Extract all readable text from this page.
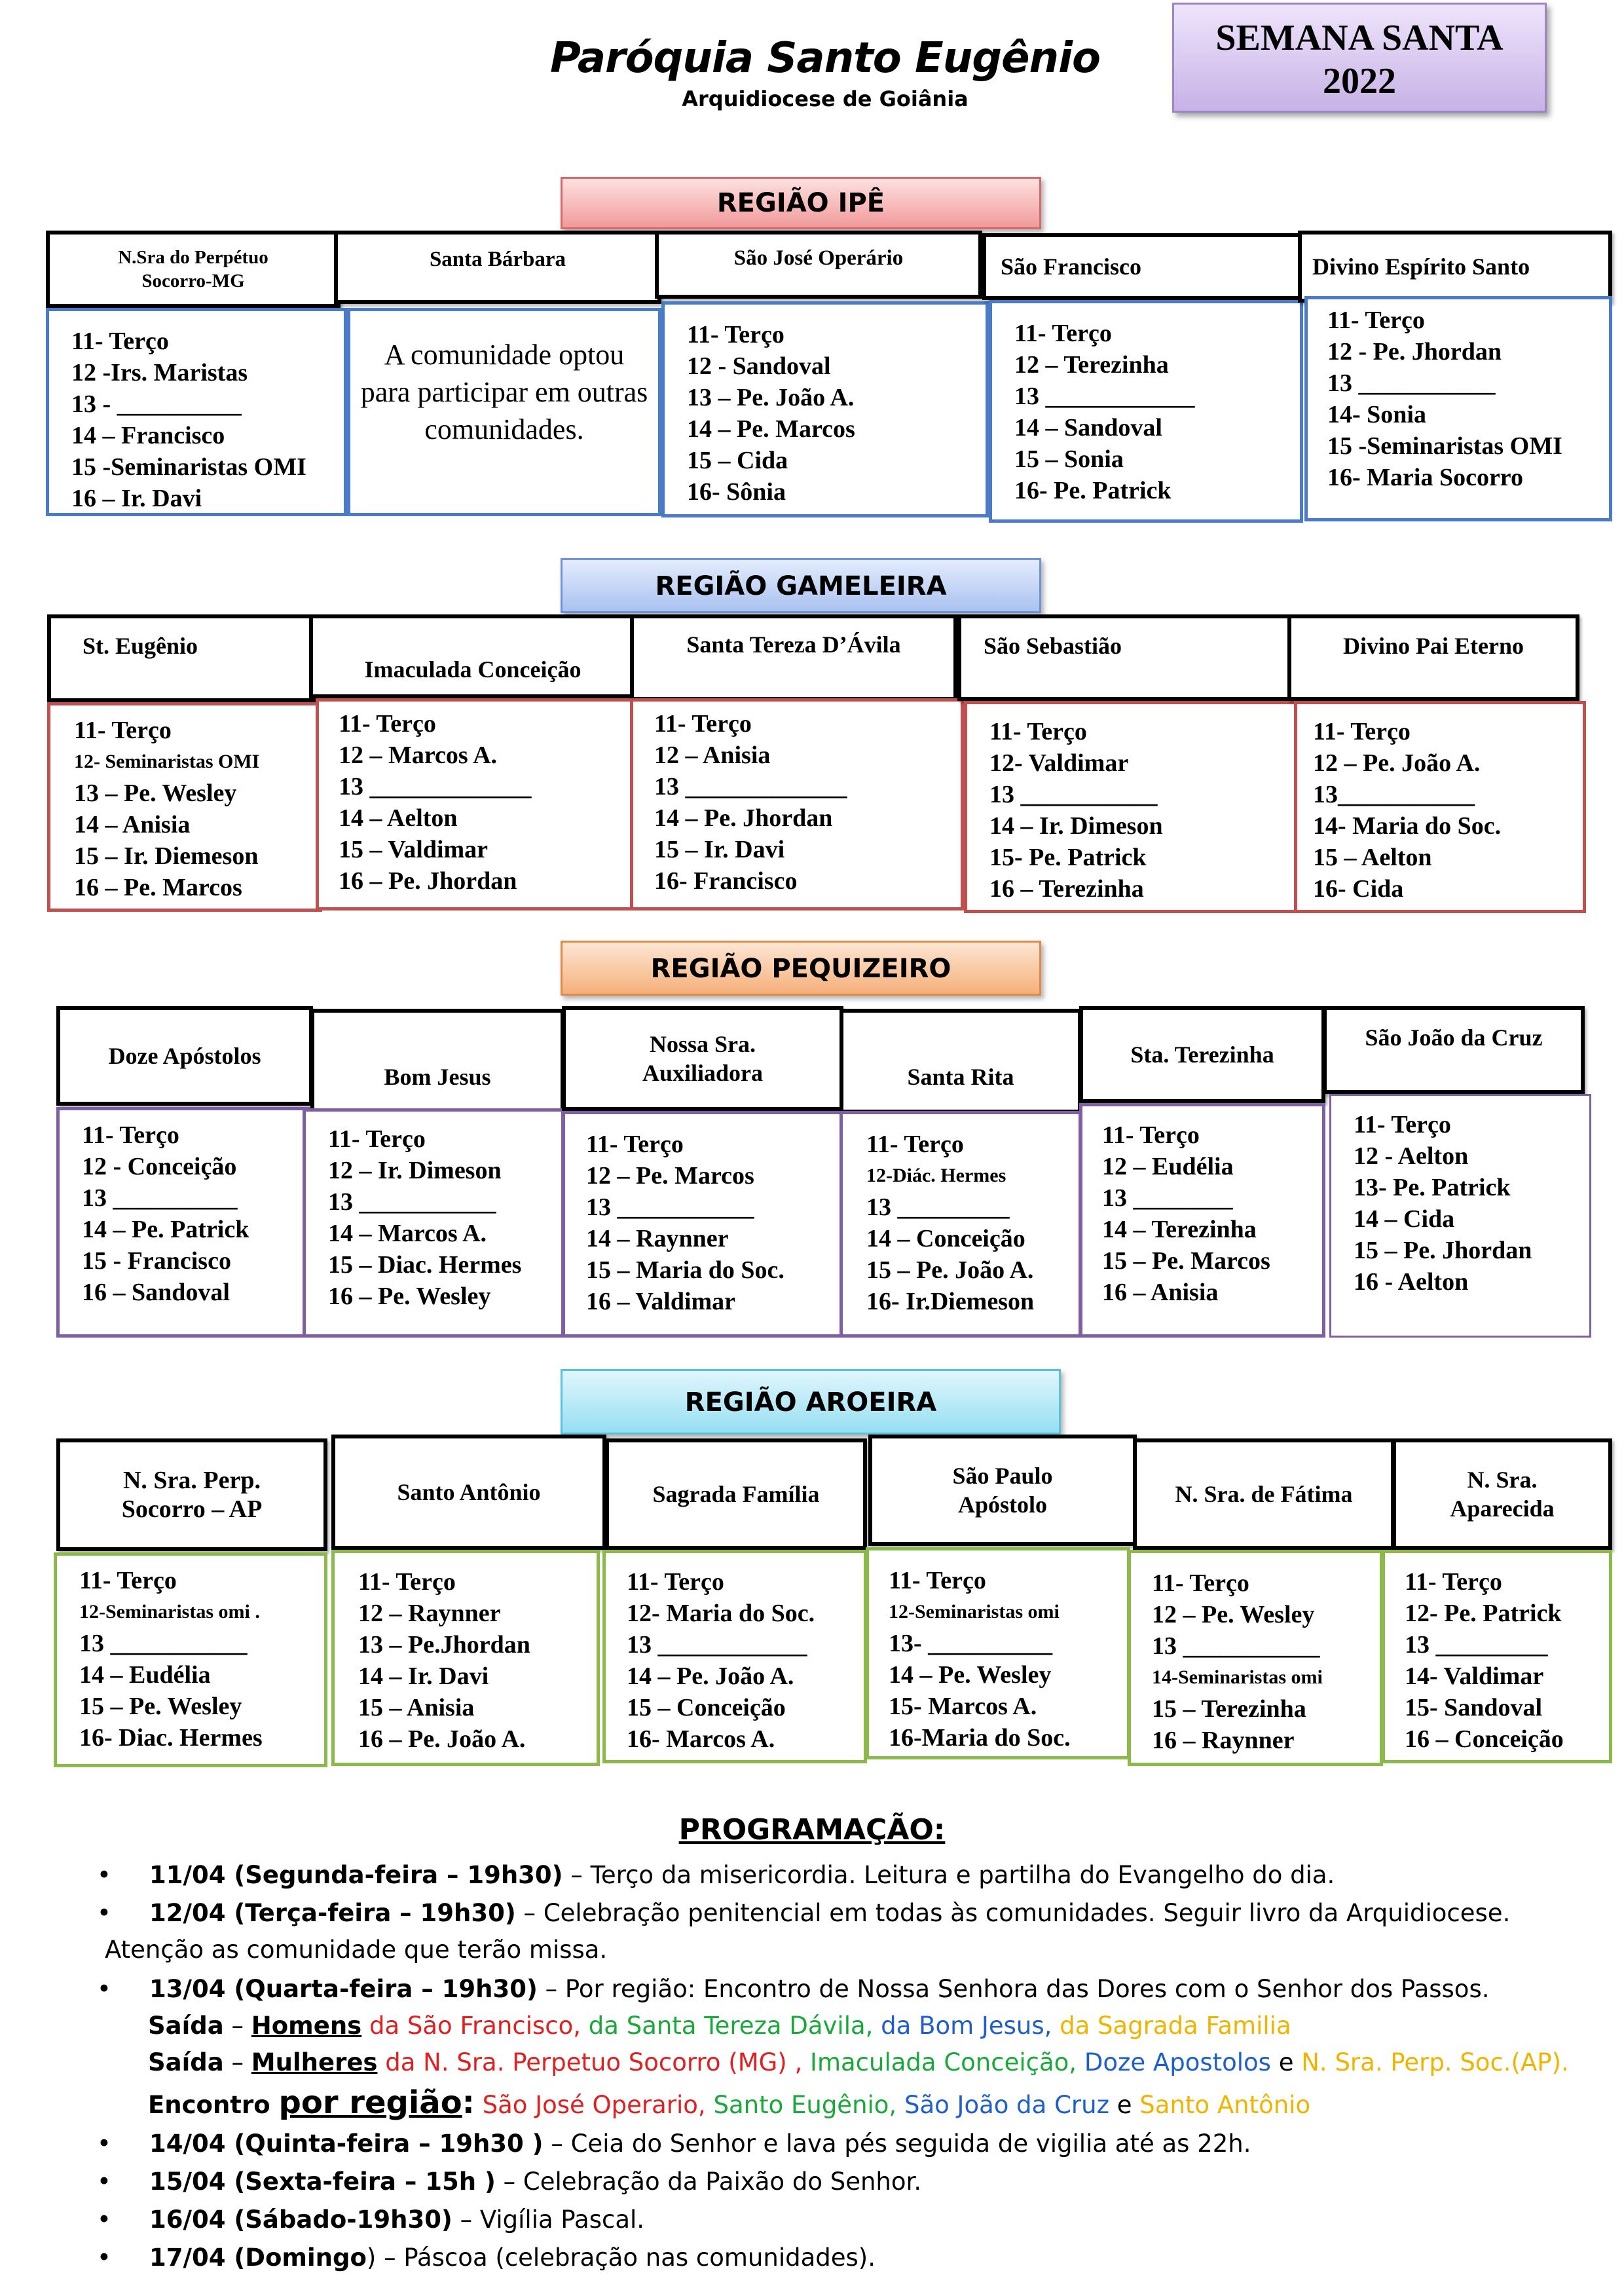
Paróquia Santo Eugênio
Arquidiocese de Goiânia
SEMANA SANTA
2022
REGIÃO IPÊ
N.Sra do Perpétuo
Socorro-MG
11- Terço
12 -Irs. Maristas
13 - __________
14 – Francisco
15 -Seminaristas OMI
16 – Ir. Davi
Santa Bárbara
A comunidade optou para participar em outras comunidades.
São José Operário
11- Terço
12 - Sandoval
13 – Pe. João A.
14 – Pe. Marcos
15 – Cida
16- Sônia
São Francisco
11- Terço
12 – Terezinha
13 ____________
14 – Sandoval
15 – Sonia
16- Pe. Patrick
Divino Espírito Santo
11- Terço
12 - Pe. Jhordan
13 ___________
14- Sonia
15 -Seminaristas OMI
16- Maria Socorro
REGIÃO GAMELEIRA
St. Eugênio
11- Terço
12- Seminaristas OMI
13 – Pe. Wesley
14 – Anisia
15 – Ir. Diemeson
16 – Pe. Marcos
Imaculada Conceição
11- Terço
12 – Marcos A.
13 _____________
14 – Aelton
15 – Valdimar
16 – Pe. Jhordan
Santa Tereza D’Ávila
11- Terço
12 – Anisia
13 _____________
14 – Pe. Jhordan
15 – Ir. Davi
16- Francisco
São Sebastião
11- Terço
12- Valdimar
13 ___________
14 – Ir. Dimeson
15- Pe. Patrick
16 – Terezinha
Divino Pai Eterno
11- Terço
12 – Pe. João A.
13___________
14- Maria do Soc.
15 – Aelton
16- Cida
REGIÃO PEQUIZEIRO
Doze Apóstolos
11- Terço
12 - Conceição
13 __________
14 – Pe. Patrick
15 - Francisco
16 – Sandoval
Bom Jesus
11- Terço
12 – Ir. Dimeson
13 ___________
14 – Marcos A.
15 – Diac. Hermes
16 – Pe. Wesley
Nossa Sra.
Auxiliadora
11- Terço
12 – Pe. Marcos
13 ___________
14 – Raynner
15 – Maria do Soc.
16 – Valdimar
Santa Rita
11- Terço
12-Diác. Hermes
13 _________
14 – Conceição
15 – Pe. João A.
16- Ir.Diemeson
Sta. Terezinha
11- Terço
12 – Eudélia
13 ________
14 – Terezinha
15 – Pe. Marcos
16 – Anisia
São João da Cruz
11- Terço
12 - Aelton
13- Pe. Patrick
14 – Cida
15 – Pe. Jhordan
16 - Aelton
REGIÃO AROEIRA
N. Sra. Perp.
Socorro – AP
11- Terço
12-Seminaristas omi .
13 ___________
14 – Eudélia
15 – Pe. Wesley
16- Diac. Hermes
Santo Antônio
11- Terço
12 – Raynner
13 – Pe.Jhordan
14 – Ir. Davi
15 – Anisia
16 – Pe. João A.
Sagrada Família
11- Terço
12- Maria do Soc.
13 ____________
14 – Pe. João A.
15 – Conceição
16- Marcos A.
São Paulo
Apóstolo
11- Terço
12-Seminaristas omi
13- __________
14 – Pe. Wesley
15- Marcos A.
16-Maria do Soc.
N. Sra. de Fátima
11- Terço
12 – Pe. Wesley
13 ___________
14-Seminaristas omi
15 – Terezinha
16 – Raynner
N. Sra.
Aparecida
11- Terço
12- Pe. Patrick
13 _________
14- Valdimar
15- Sandoval
16 – Conceição
PROGRAMAÇÃO:
• 11/04 (Segunda-feira – 19h30) – Terço da misericordia. Leitura e partilha do Evangelho do dia.
• 12/04 (Terça-feira – 19h30) – Celebração penitencial em todas às comunidades. Seguir livro da Arquidiocese.
Atenção as comunidade que terão missa.
• 13/04 (Quarta-feira – 19h30) – Por região: Encontro de Nossa Senhora das Dores com o Senhor dos Passos.
Saída – Homens da São Francisco, da Santa Tereza Dávila, da Bom Jesus, da Sagrada Familia
Saída – Mulheres da N. Sra. Perpetuo Socorro (MG) , Imaculada Conceição, Doze Apostolos e N. Sra. Perp. Soc.(AP).
Encontro por região: São José Operario, Santo Eugênio, São João da Cruz e Santo Antônio
• 14/04 (Quinta-feira – 19h30 ) – Ceia do Senhor e lava pés seguida de vigilia até as 22h.
• 15/04 (Sexta-feira – 15h ) – Celebração da Paixão do Senhor.
• 16/04 (Sábado-19h30) – Vigília Pascal.
• 17/04 (Domingo) – Páscoa (celebração nas comunidades).
